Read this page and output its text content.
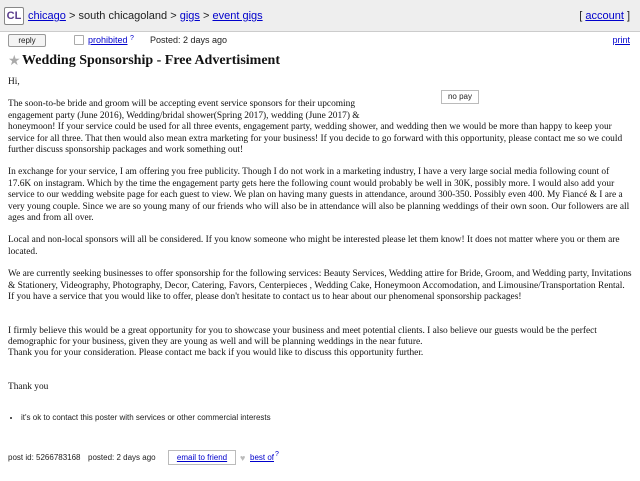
CL chicago > south chicagoland > gigs > event gigs	[ account ]
reply	prohibited ? Posted: 2 days ago	print
★ Wedding Sponsorship - Free Advertisiment
no pay

Hi,

The soon-to-be bride and groom will be accepting event service sponsors for their upcoming
engagement party (June 2016), Wedding/bridal shower(Spring 2017), wedding (June 2017) &
honeymoon! If your service could be used for all three events, engagement party, wedding shower, and wedding then we would be more than happy to keep your service for all three. That then would also mean extra marketing for your business! If you decide to go forward with this opportunity, please contact me so we could further discuss sponsorship packages and work something out!

In exchange for your service, I am offering you free publicity. Though I do not work in a marketing industry, I have a very large social media following count of 17.6K on instagram. Which by the time the engagement party gets here the following count would probably be well in 30K, possibly more. I would also add your service to our wedding website page for each guest to view. We plan on having many guests in attendance, around 300-350. Possibly even 400. My Fiancé & I are a very young couple. Since we are so young many of our friends who will also be in attendance will also be planning weddings of their own soon. Our followers are all ages and from all over.

Local and non-local sponsors will all be considered. If you know someone who might be interested please let them know! It does not matter where you or them are located.

We are currently seeking businesses to offer sponsorship for the following services: Beauty Services, Wedding attire for Bride, Groom, and Wedding party, Invitations & Stationery, Videography, Photography, Decor, Catering, Favors, Centerpieces , Wedding Cake, Honeymoon Accomodation, and Limousine/Transportation Rental. If you have a service that you would like to offer, please don't hesitate to contact us to hear about our phenomenal sponsorship packages!

I firmly believe this would be a great opportunity for you to showcase your business and meet potential clients. I also believe our guests would be the perfect demographic for your business, given they are young as well and will be planning weddings in the near future.
Thank you for your consideration. Please contact me back if you would like to discuss this opportunity further.

Thank you

• it's ok to contact this poster with services or other commercial interests
post id: 5266783168 posted: 2 days ago	email to friend	♥ best of ?
